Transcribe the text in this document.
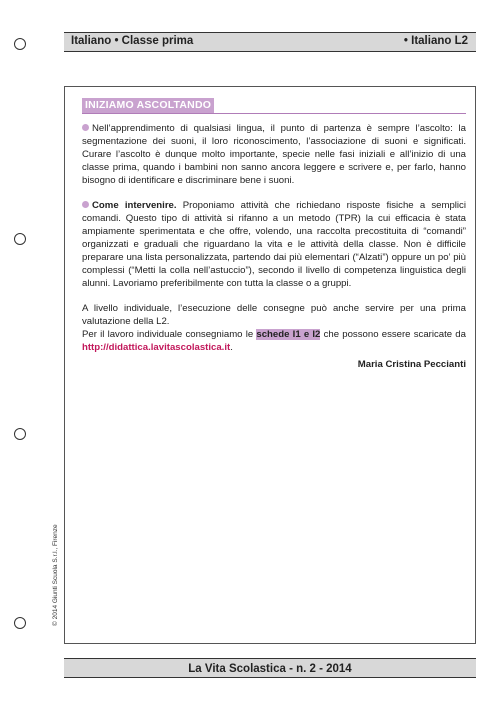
Italiano • Classe prima	• Italiano L2
INIZIAMO ASCOLTANDO

Nell’apprendimento di qualsiasi lingua, il punto di partenza è sempre l’ascolto: la segmentazione dei suoni, il loro riconoscimento, l’associazione di suoni e significati. Curare l’ascolto è dunque molto importante, specie nelle fasi iniziali e all’inizio di una classe prima, quando i bambini non sanno ancora leggere e scrivere e, per farlo, hanno bisogno di identificare e discriminare bene i suoni.

Come intervenire. Proponiamo attività che richiedano risposte fisiche a semplici comandi. Questo tipo di attività si rifanno a un metodo (TPR) la cui efficacia è stata ampiamente sperimentata e che offre, volendo, una raccolta precostituita di “comandi” organizzati e graduali che riguardano la vita e le attività della classe. Non è difficile preparare una lista personalizzata, partendo dai più elementari (“Alzati”) oppure un po’ più complessi (“Metti la colla nell’astuccio”), secondo il livello di competenza linguistica degli alunni. Lavoriamo preferibilmente con tutta la classe o a gruppi.

A livello individuale, l’esecuzione delle consegne può anche servire per una prima valutazione della L2.

Per il lavoro individuale consegniamo le schede I1 e I2 che possono essere scaricate da http://didattica.lavitascolastica.it.

Maria Cristina Peccianti
© 2014 Giunti Scuola S.r.l., Firenze
La Vita Scolastica - n. 2 - 2014
